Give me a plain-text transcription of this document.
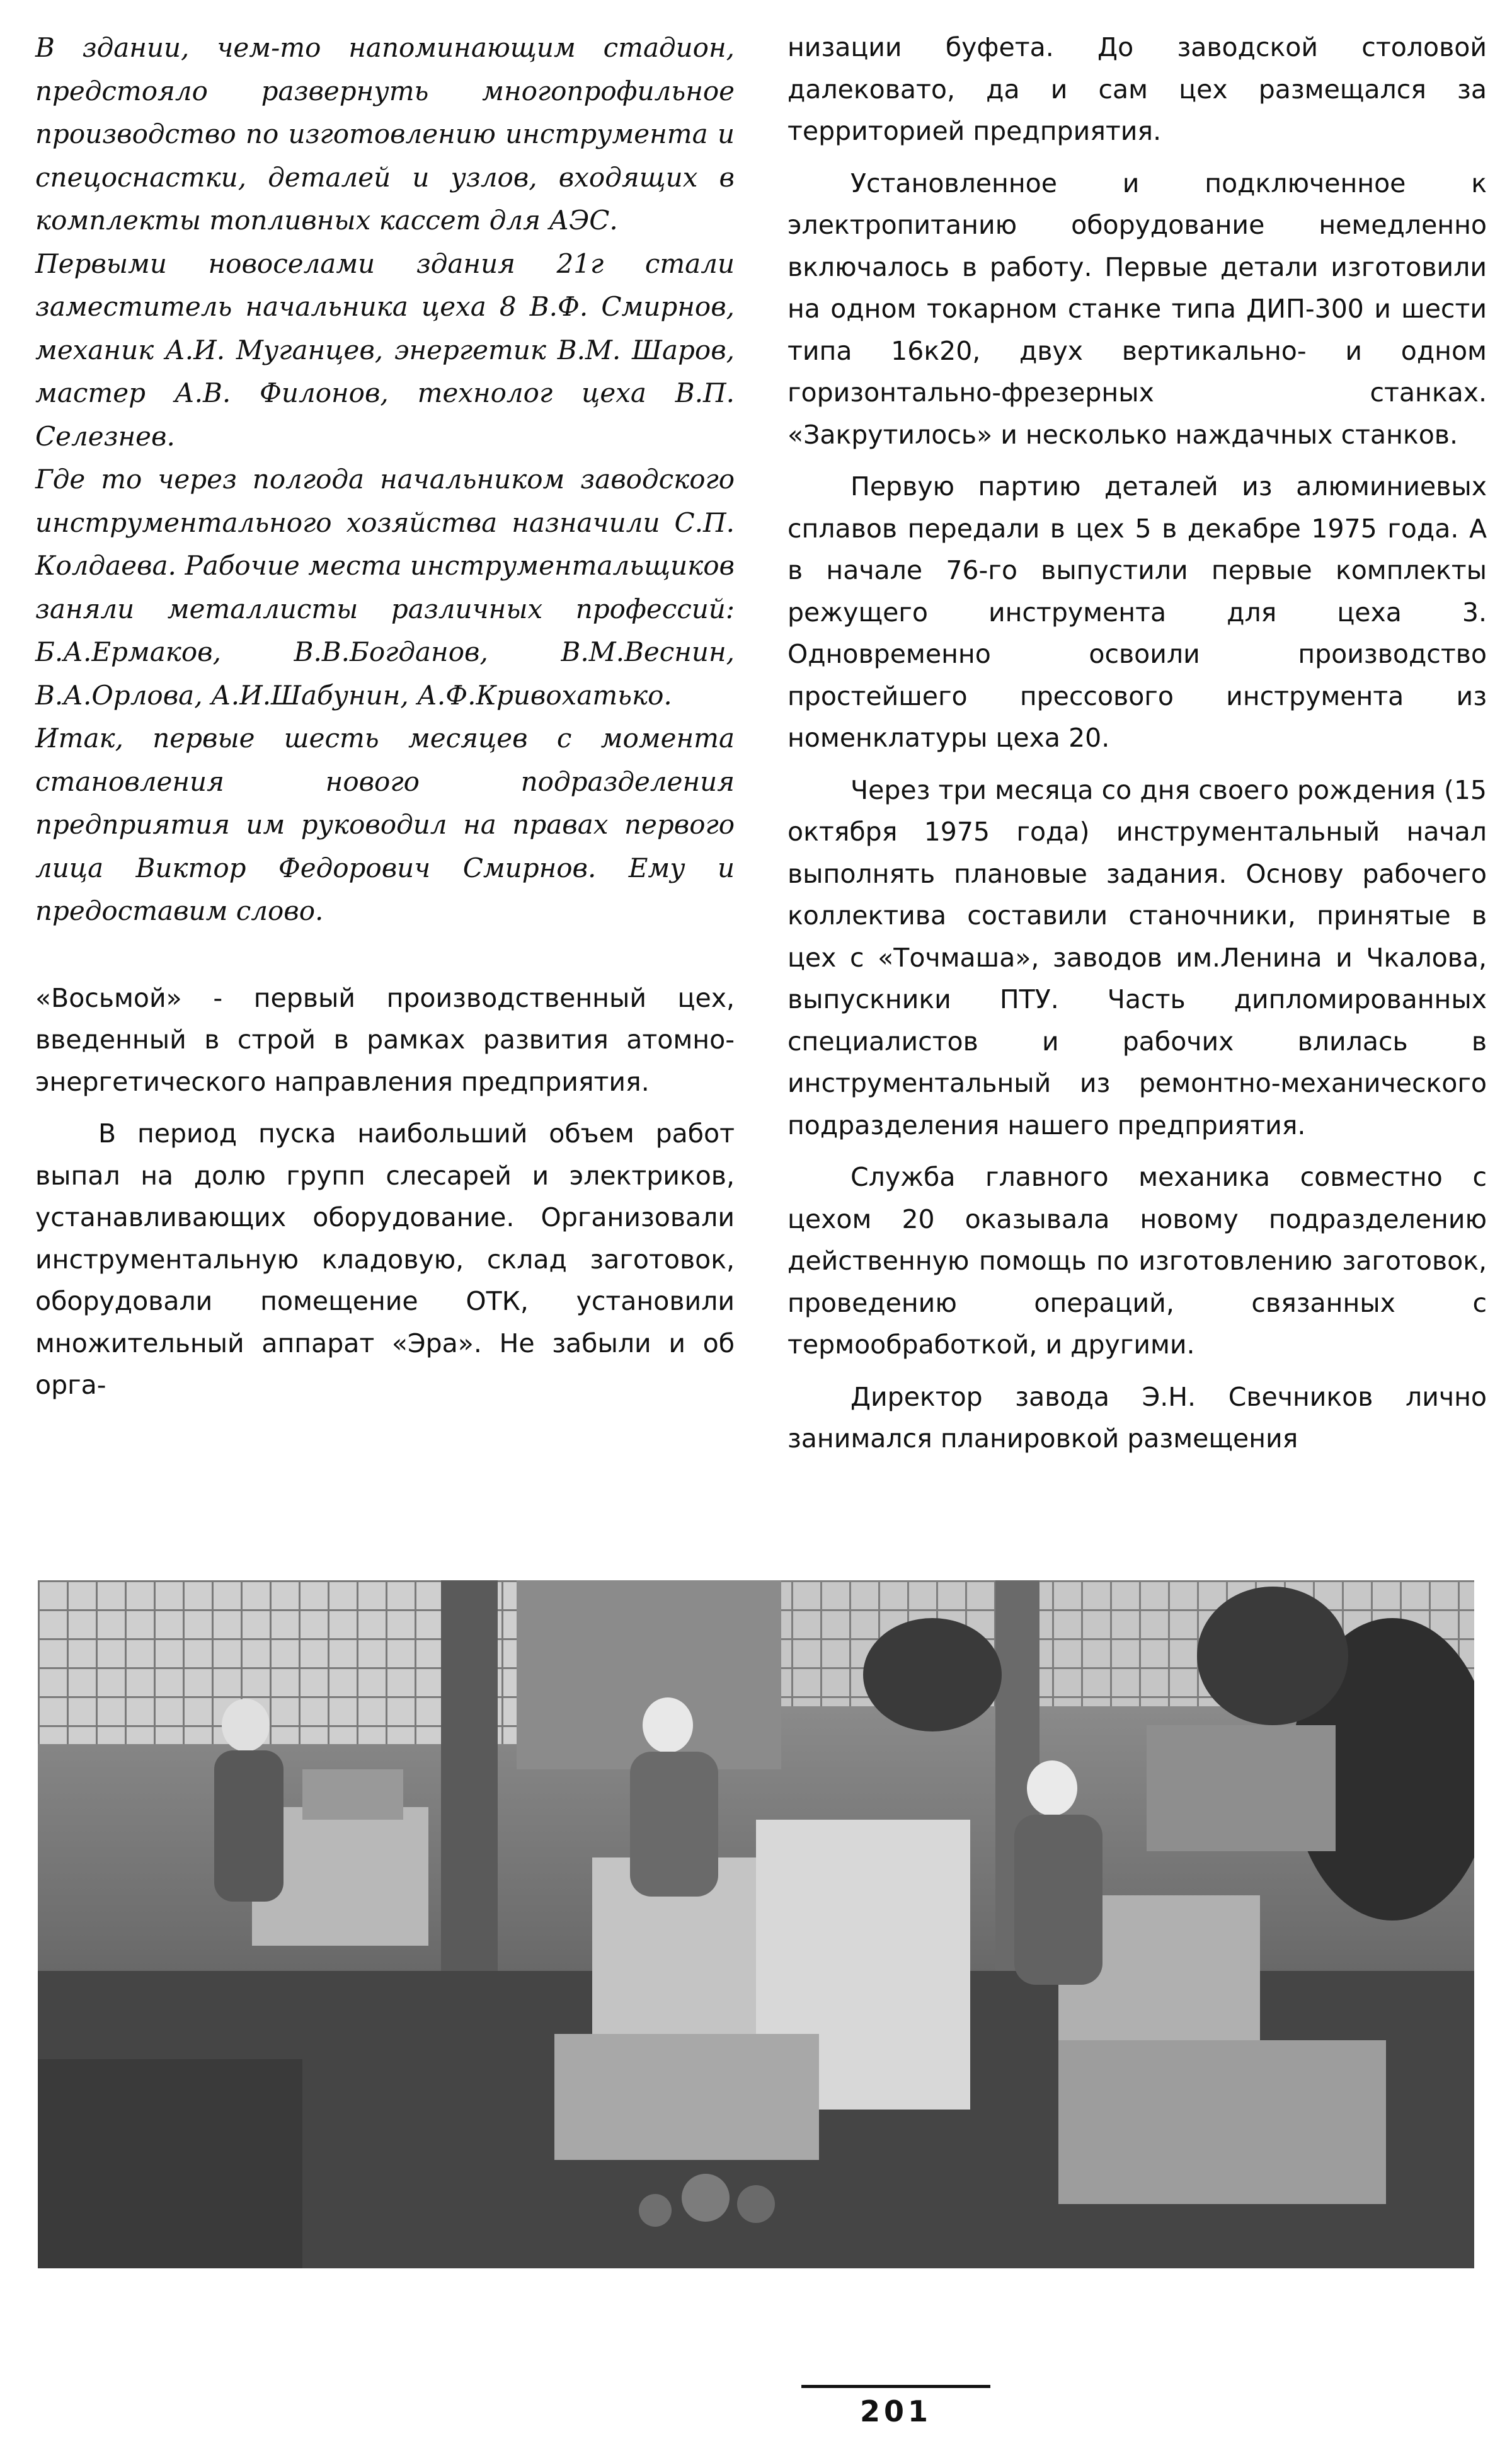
В здании, чем-то напоминающим стадион, предстояло развернуть многопрофильное производство по изготовлению инструмента и спецоснастки, деталей и узлов, входящих в комплекты топливных кассет для АЭС.

Первыми новоселами здания 21г стали заместитель начальника цеха 8 В.Ф. Смирнов, механик А.И. Муганцев, энергетик В.М. Шаров, мастер А.В. Филонов, технолог цеха В.П. Селезнев.

Где то через полгода начальником заводского инструментального хозяйства назначили С.П. Колдаева. Рабочие места инструментальщиков заняли металлисты различных профессий: Б.А.Ермаков, В.В.Богданов, В.М.Веснин, В.А.Орлова, А.И.Шабунин, А.Ф.Кривохатько.

Итак, первые шесть месяцев с момента становления нового подразделения предприятия им руководил на правах первого лица Виктор Федорович Смирнов. Ему и предоставим слово.

«Восьмой» - первый производственный цех, введенный в строй в рамках развития атомно-энергетического направления предприятия.

В период пуска наибольший объем работ выпал на долю групп слесарей и электриков, устанавливающих оборудование. Организовали инструментальную кладовую, склад заготовок, оборудовали помещение ОТК, установили множительный аппарат «Эра». Не забыли и об орга-

низации буфета. До заводской столовой далековато, да и сам цех размещался за территорией предприятия.

Установленное и подключенное к электропитанию оборудование немедленно включалось в работу. Первые детали изготовили на одном токарном станке типа ДИП-300 и шести типа 16к20, двух вертикально- и одном горизонтально-фрезерных станках. «Закрутилось» и несколько наждачных станков.

Первую партию деталей из алюминиевых сплавов передали в цех 5 в декабре 1975 года. А в начале 76-го выпустили первые комплекты режущего инструмента для цеха 3. Одновременно освоили производство простейшего прессового инструмента из номенклатуры цеха 20.

Через три месяца со дня своего рождения (15 октября 1975 года) инструментальный начал выполнять плановые задания. Основу рабочего коллектива составили станочники, принятые в цех с «Точмаша», заводов им.Ленина и Чкалова, выпускники ПТУ. Часть дипломированных специалистов и рабочих влилась в инструментальный из ремонтно-механического подразделения нашего предприятия.

Служба главного механика совместно с цехом 20 оказывала новому подразделению действенную помощь по изготовлению заготовок, проведению операций, связанных с термообработкой, и другими.

Директор завода Э.Н. Свечников лично занимался планировкой размещения

201
